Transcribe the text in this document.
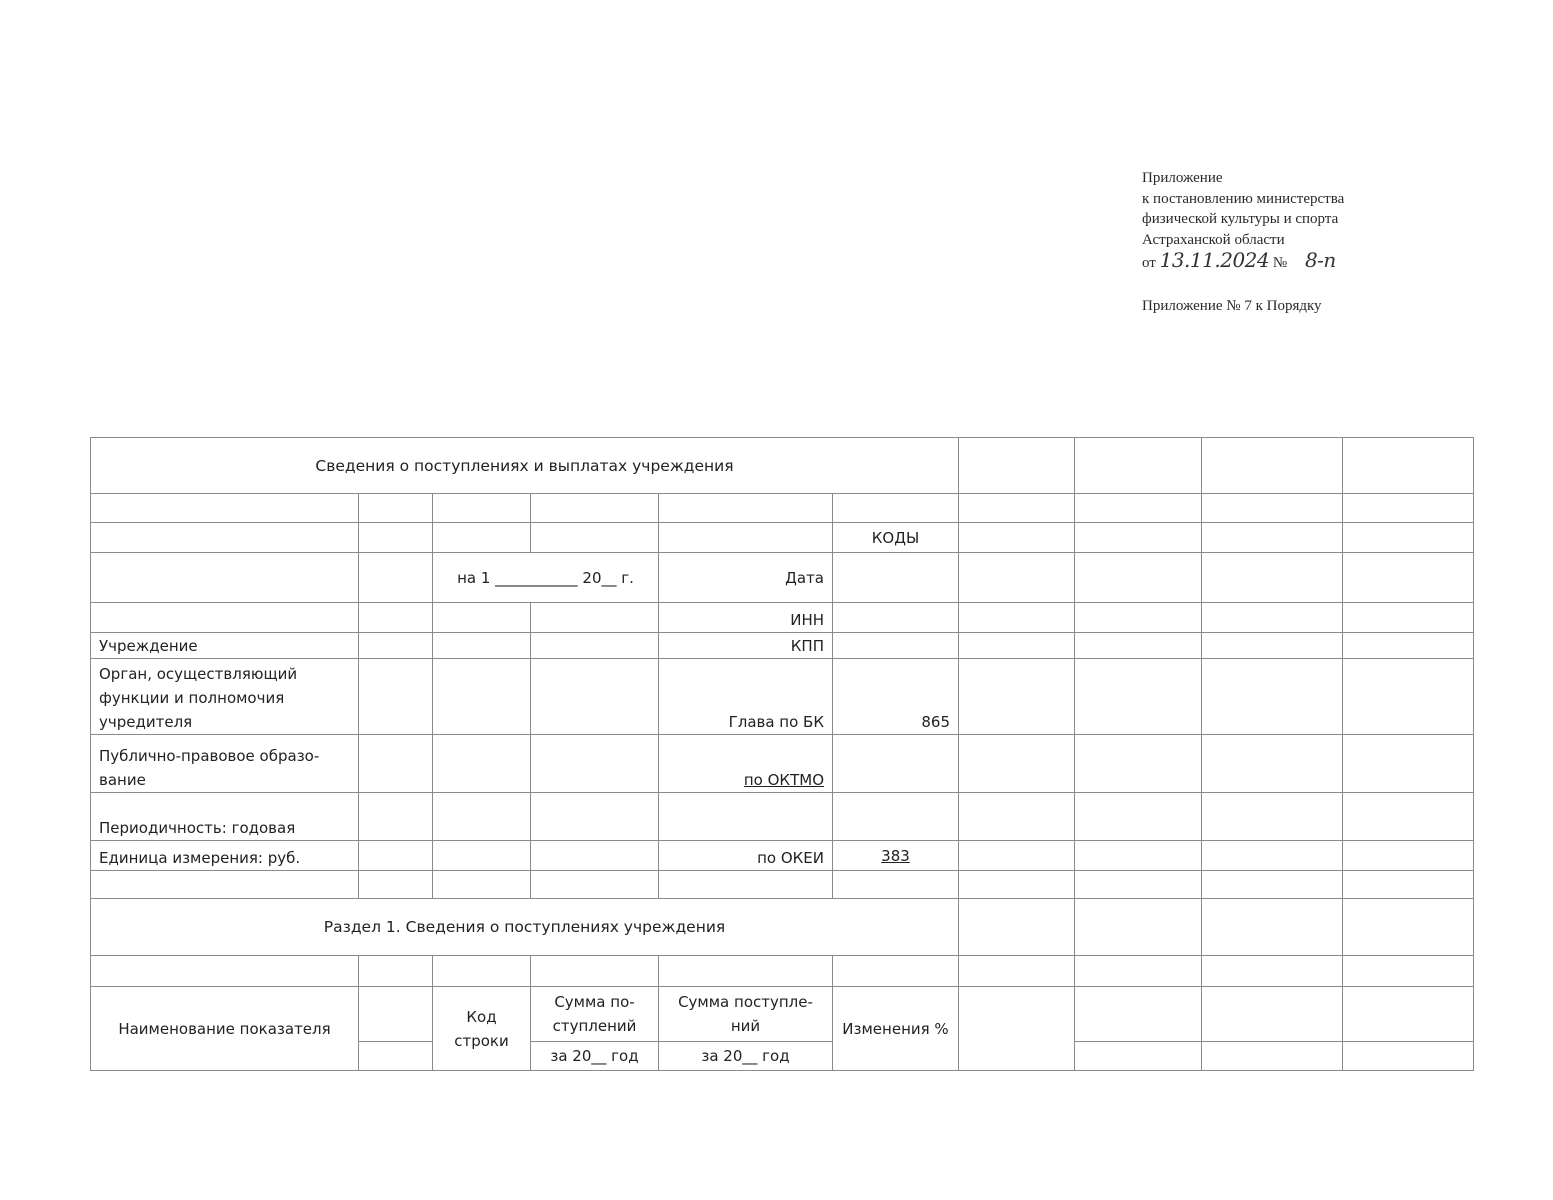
Приложение
к постановлению министерства
физической культуры и спорта
Астраханской области
от 13.11.2024 № 8-п
Приложение № 7 к Порядку
Сведения о поступлениях и выплатах учреждения									

					КОДЫ				
		на 1 ___________ 20__ г.		Дата					
				ИНН					
Учреждение				КПП					
Орган, осуществляющий функции и полномочия учредителя				Глава по БК	865				
Публично-правовое образо-вание				по ОКТМО					
Периодичность: годовая									
Единица измерения: руб.				по ОКЕИ	383				

Раздел 1. Сведения о поступлениях учреждения									

Наименование показателя		Код строки	Сумма по-ступлений	Сумма поступле-ний	Изменения %				
			за 20__ год	за 20__ год					
